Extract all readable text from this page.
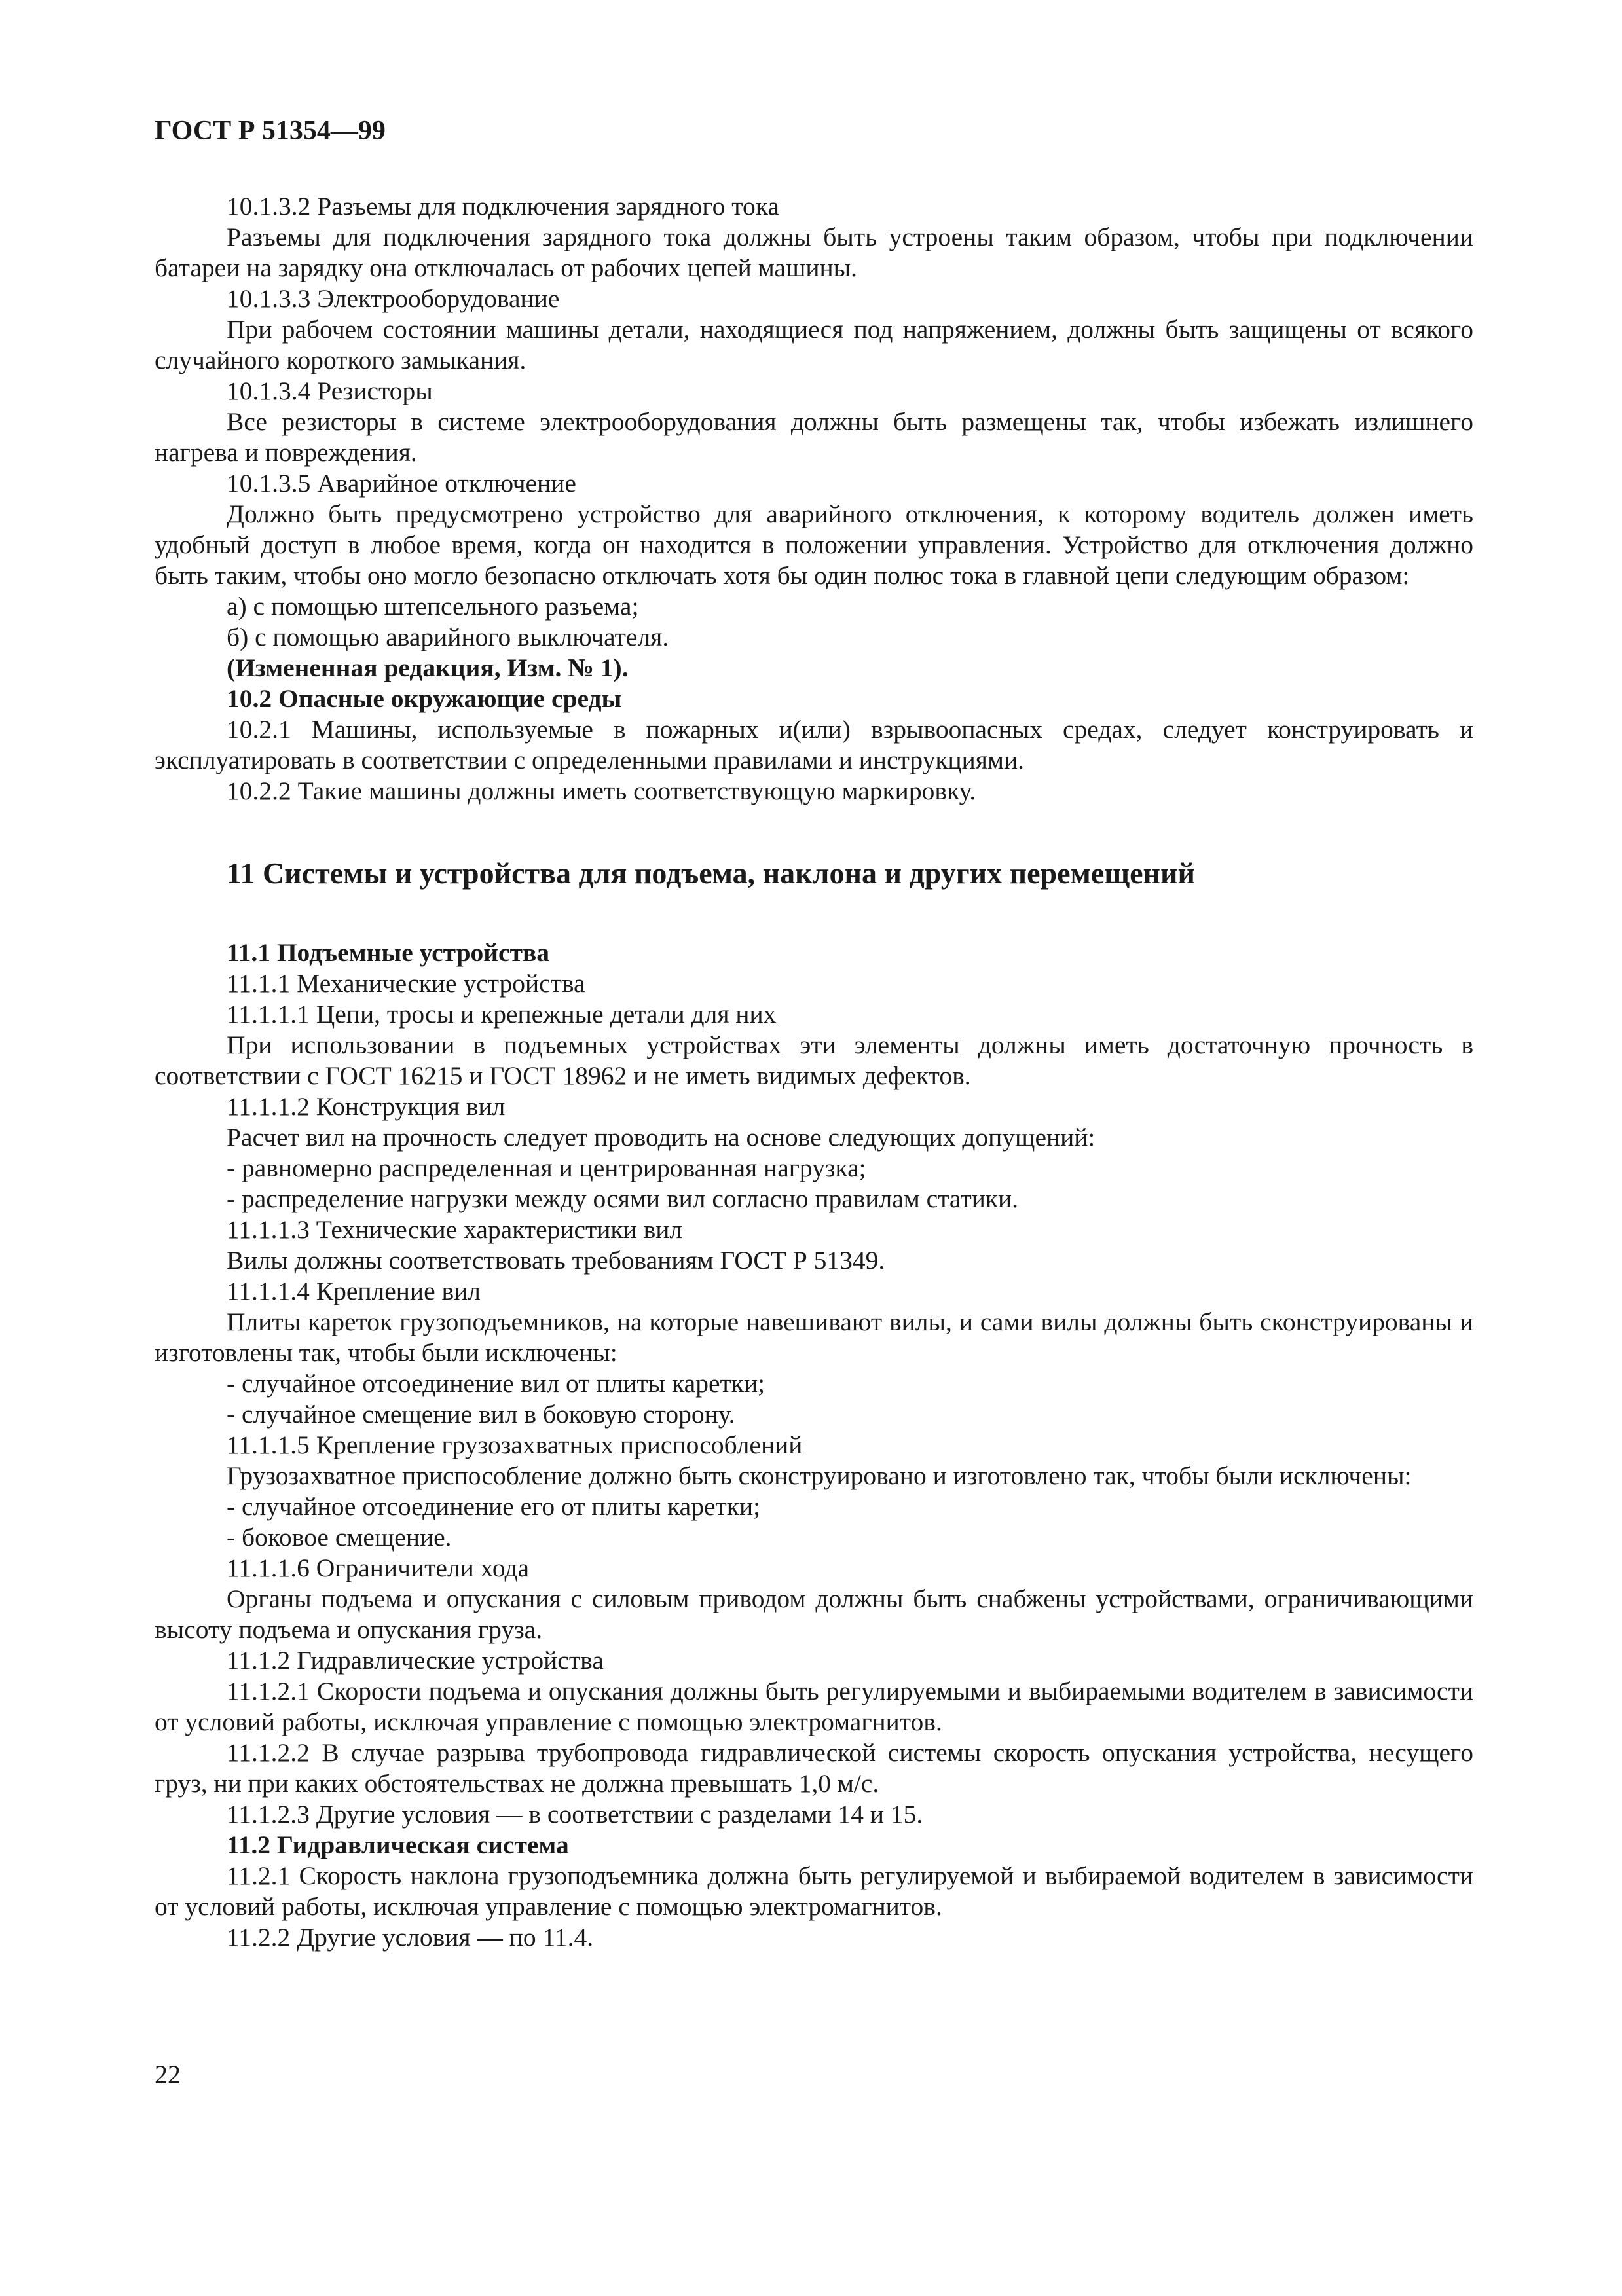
ГОСТ Р 51354—99

10.1.3.2 Разъемы для подключения зарядного тока

Разъемы для подключения зарядного тока должны быть устроены таким образом, чтобы при подключении батареи на зарядку она отключалась от рабочих цепей машины.

10.1.3.3 Электрооборудование

При рабочем состоянии машины детали, находящиеся под напряжением, должны быть защищены от всякого случайного короткого замыкания.

10.1.3.4 Резисторы

Все резисторы в системе электрооборудования должны быть размещены так, чтобы избежать излишнего нагрева и повреждения.

10.1.3.5 Аварийное отключение

Должно быть предусмотрено устройство для аварийного отключения, к которому водитель должен иметь удобный доступ в любое время, когда он находится в положении управления. Устройство для отключения должно быть таким, чтобы оно могло безопасно отключать хотя бы один полюс тока в главной цепи следующим образом:

а) с помощью штепсельного разъема;

б) с помощью аварийного выключателя.

(Измененная редакция, Изм. № 1).

10.2 Опасные окружающие среды

10.2.1 Машины, используемые в пожарных и(или) взрывоопасных средах, следует конструировать и эксплуатировать в соответствии с определенными правилами и инструкциями.

10.2.2 Такие машины должны иметь соответствующую маркировку.

11 Системы и устройства для подъема, наклона и других перемещений

11.1 Подъемные устройства

11.1.1 Механические устройства

11.1.1.1 Цепи, тросы и крепежные детали для них

При использовании в подъемных устройствах эти элементы должны иметь достаточную прочность в соответствии с ГОСТ 16215 и ГОСТ 18962 и не иметь видимых дефектов.

11.1.1.2 Конструкция вил

Расчет вил на прочность следует проводить на основе следующих допущений:

- равномерно распределенная и центрированная нагрузка;

- распределение нагрузки между осями вил согласно правилам статики.

11.1.1.3 Технические характеристики вил

Вилы должны соответствовать требованиям ГОСТ Р 51349.

11.1.1.4 Крепление вил

Плиты кареток грузоподъемников, на которые навешивают вилы, и сами вилы должны быть сконструированы и изготовлены так, чтобы были исключены:

- случайное отсоединение вил от плиты каретки;

- случайное смещение вил в боковую сторону.

11.1.1.5 Крепление грузозахватных приспособлений

Грузозахватное приспособление должно быть сконструировано и изготовлено так, чтобы были исключены:

- случайное отсоединение его от плиты каретки;

- боковое смещение.

11.1.1.6 Ограничители хода

Органы подъема и опускания с силовым приводом должны быть снабжены устройствами, ограничивающими высоту подъема и опускания груза.

11.1.2 Гидравлические устройства

11.1.2.1 Скорости подъема и опускания должны быть регулируемыми и выбираемыми водителем в зависимости от условий работы, исключая управление с помощью электромагнитов.

11.1.2.2 В случае разрыва трубопровода гидравлической системы скорость опускания устройства, несущего груз, ни при каких обстоятельствах не должна превышать 1,0 м/с.

11.1.2.3 Другие условия — в соответствии с разделами 14 и 15.

11.2 Гидравлическая система

11.2.1 Скорость наклона грузоподъемника должна быть регулируемой и выбираемой водителем в зависимости от условий работы, исключая управление с помощью электромагнитов.

11.2.2 Другие условия — по 11.4.

22
